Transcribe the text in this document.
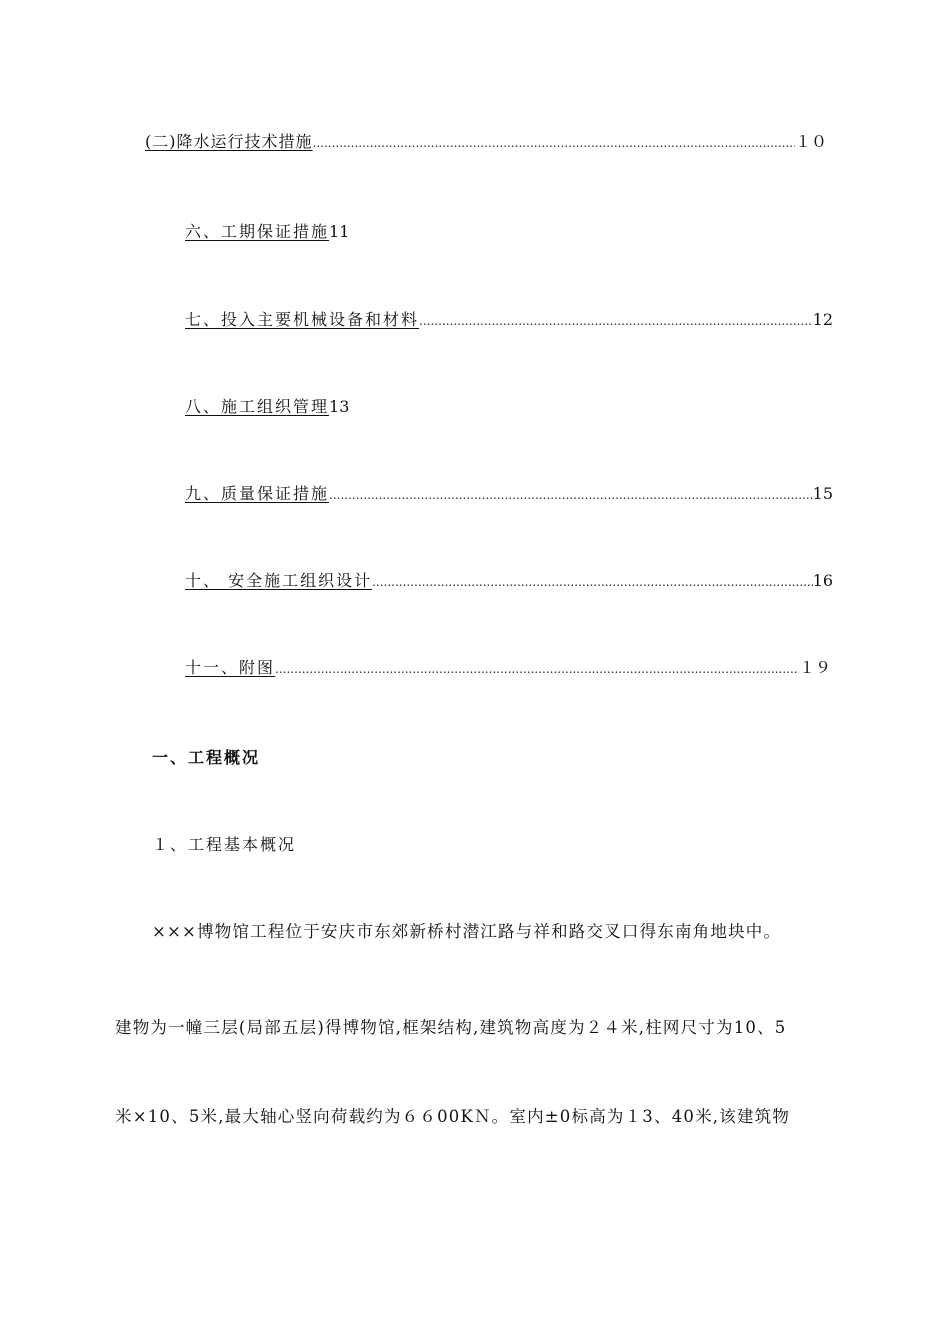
(二)降水运行技术措施 .....	１０
六、工期保证措施 11
七、投入主要机械设备和材料 .....	12
八、施工组织管理 13
九、质量保证措施 .....	15
十、 安全施工组织设计 .....	16
十一、附图 .....	１９
一、工程概况
１、工程基本概况
×××博物馆工程位于安庆市东郊新桥村潜江路与祥和路交叉口得东南角地块中。
建物为一幢三层(局部五层)得博物馆,框架结构,建筑物高度为２４米,柱网尺寸为10、5
米×10、5米,最大轴心竖向荷载约为６６00KＮ。室内±0标高为１3、40米,该建筑物
